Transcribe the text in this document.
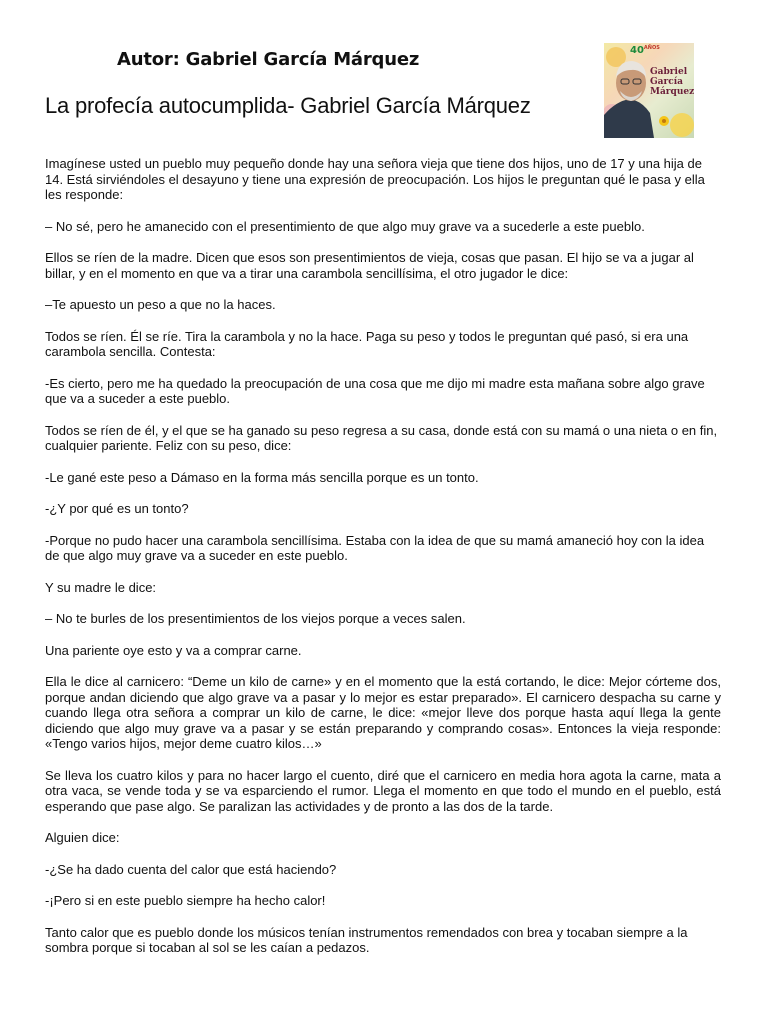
Autor: Gabriel García Márquez
La profecía autocumplida- Gabriel García Márquez
$40^{AÑOS}$
Gabriel
García
Márquez

Imagínese usted un pueblo muy pequeño donde hay una señora vieja que tiene dos hijos, uno de 17 y una hija de 14. Está sirviéndoles el desayuno y tiene una expresión de preocupación. Los hijos le preguntan qué le pasa y ella les responde:

– No sé, pero he amanecido con el presentimiento de que algo muy grave va a sucederle a este pueblo.

Ellos se ríen de la madre. Dicen que esos son presentimientos de vieja, cosas que pasan. El hijo se va a jugar al billar, y en el momento en que va a tirar una carambola sencillísima, el otro jugador le dice:

–Te apuesto un peso a que no la haces.

Todos se ríen. Él se ríe. Tira la carambola y no la hace. Paga su peso y todos le preguntan qué pasó, si era una carambola sencilla. Contesta:

-Es cierto, pero me ha quedado la preocupación de una cosa que me dijo mi madre esta mañana sobre algo grave que va a suceder a este pueblo.

Todos se ríen de él, y el que se ha ganado su peso regresa a su casa, donde está con su mamá o una nieta o en fin, cualquier pariente. Feliz con su peso, dice:

-Le gané este peso a Dámaso en la forma más sencilla porque es un tonto.

-¿Y por qué es un tonto?

-Porque no pudo hacer una carambola sencillísima. Estaba con la idea de que su mamá amaneció hoy con la idea de que algo muy grave va a suceder en este pueblo.

Y su madre le dice:

– No te burles de los presentimientos de los viejos porque a veces salen.

Una pariente oye esto y va a comprar carne.

Ella le dice al carnicero: “Deme un kilo de carne» y en el momento que la está cortando, le dice: Mejor córteme dos, porque andan diciendo que algo grave va a pasar y lo mejor es estar preparado». El carnicero despacha su carne y cuando llega otra señora a comprar un kilo de carne, le dice: «mejor lleve dos porque hasta aquí llega la gente diciendo que algo muy grave va a pasar y se están preparando y comprando cosas». Entonces la vieja responde: «Tengo varios hijos, mejor deme cuatro kilos…»

Se lleva los cuatro kilos y para no hacer largo el cuento, diré que el carnicero en media hora agota la carne, mata a otra vaca, se vende toda y se va esparciendo el rumor. Llega el momento en que todo el mundo en el pueblo, está esperando que pase algo. Se paralizan las actividades y de pronto a las dos de la tarde.

Alguien dice:

-¿Se ha dado cuenta del calor que está haciendo?

-¡Pero si en este pueblo siempre ha hecho calor!

Tanto calor que es pueblo donde los músicos tenían instrumentos remendados con brea y tocaban siempre a la sombra porque si tocaban al sol se les caían a pedazos.
